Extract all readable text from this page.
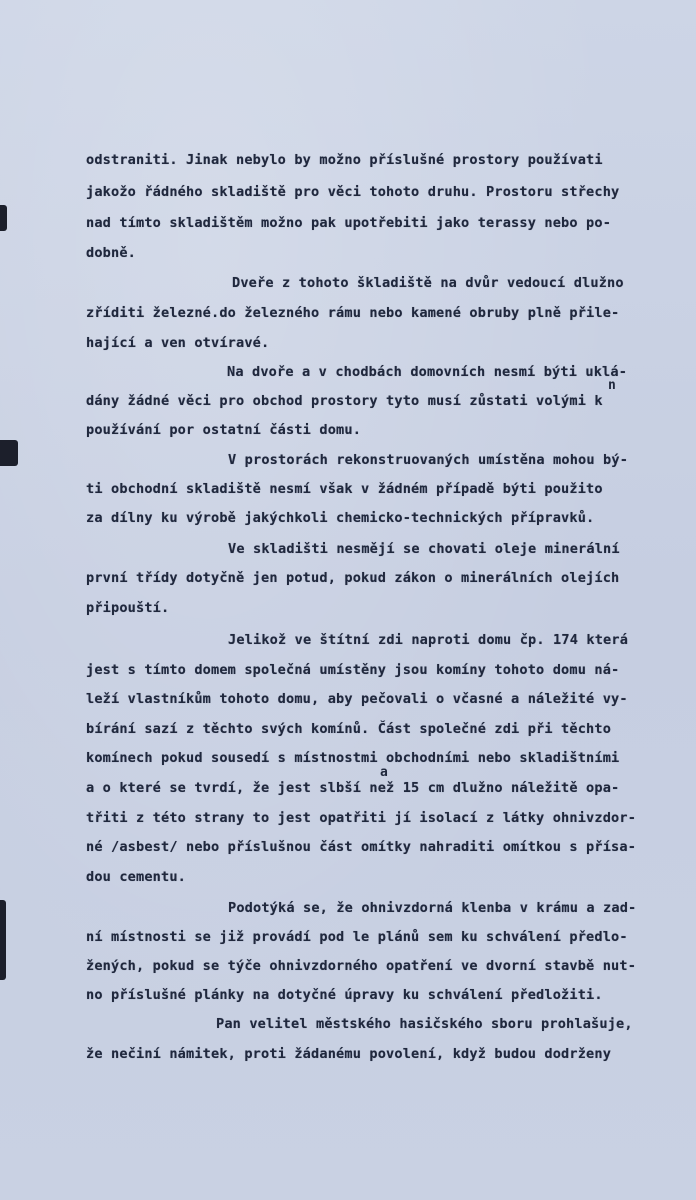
odstraniti. Jinak nebylo by možno příslušné prostory používati
jakožo řádného skladiště pro věci tohoto druhu. Prostoru střechy
nad tímto skladištěm možno pak upotřebiti jako terassy nebo po-
dobně.
Dveře z tohoto škladiště na dvůr vedoucí dlužno
zříditi železné.do železného rámu nebo kamené obruby plně přile-
hající a ven otvíravé.
Na dvoře a v chodbách domovních nesmí býti uklá-
n
dány žádné věci pro obchod prostory tyto musí zůstati volými k
používání por ostatní části domu.
V prostorách rekonstruovaných umístěna mohou bý-
ti obchodní skladiště nesmí však v žádném případě býti použito
za dílny ku výrobě jakýchkoli chemicko-technických přípravků.
Ve skladišti nesmějí se chovati oleje minerální
první třídy dotyčně jen potud, pokud zákon o minerálních olejích
připouští.
Jelikož ve štítní zdi naproti domu čp. 174 která
jest s tímto domem společná umístěny jsou komíny tohoto domu ná-
leží vlastníkům tohoto domu, aby pečovali o včasné a náležité vy-
bírání sazí z těchto svých komínů. Část společné zdi při těchto
komínech pokud sousedí s místnostmi obchodními nebo skladištními
a
a o které se tvrdí, že jest slbší než 15 cm dlužno náležitě opa-
třiti z této strany to jest opatřiti jí isolací z látky ohnivzdor-
né /asbest/ nebo příslušnou část omítky nahraditi omítkou s přísa-
dou cementu.
Podotýká se, že ohnivzdorná klenba v krámu a zad-
ní místnosti se již provádí pod le plánů sem ku schválení předlo-
žených, pokud se týče ohnivzdorného opatření ve dvorní stavbě nut-
no příslušné plánky na dotyčné úpravy ku schválení předložiti.
Pan velitel městského hasičského sboru prohlašuje,
že nečiní námitek, proti žádanému povolení, když budou dodrženy
